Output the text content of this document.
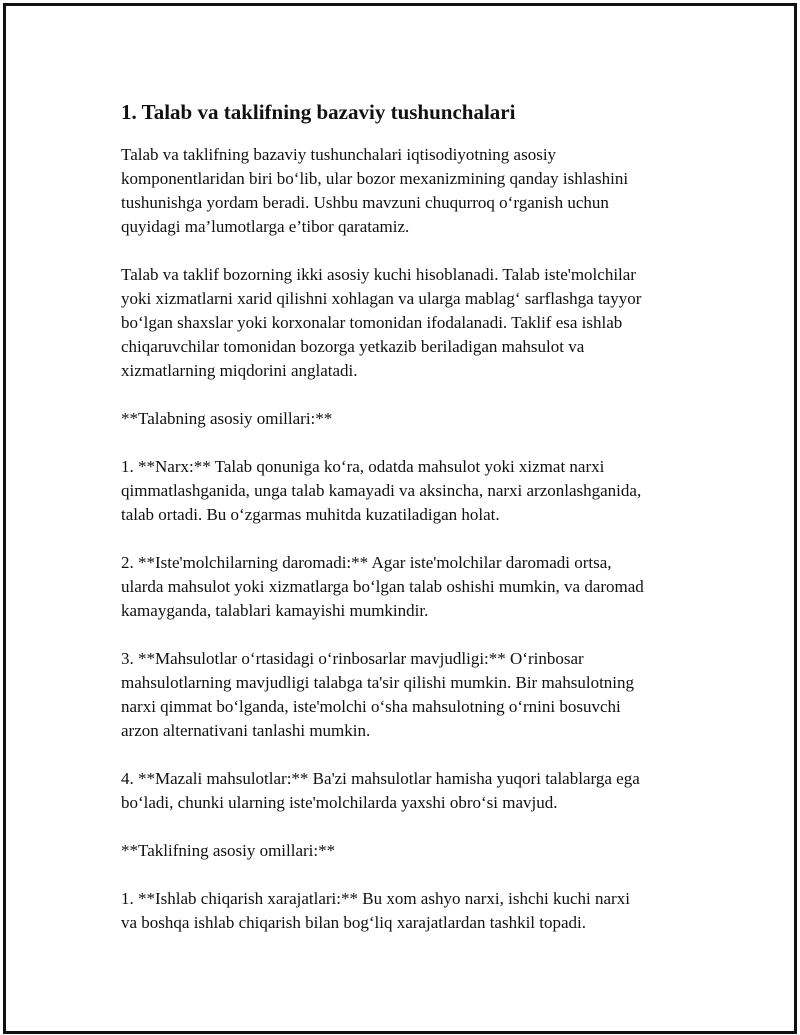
1. Talab va taklifning bazaviy tushunchalari

Talab va taklifning bazaviy tushunchalari iqtisodiyotning asosiy
komponentlaridan biri bo‘lib, ular bozor mexanizmining qanday ishlashini
tushunishga yordam beradi. Ushbu mavzuni chuqurroq o‘rganish uchun
quyidagi ma’lumotlarga e’tibor qaratamiz.

Talab va taklif bozorning ikki asosiy kuchi hisoblanadi. Talab iste'molchilar
yoki xizmatlarni xarid qilishni xohlagan va ularga mablag‘ sarflashga tayyor
bo‘lgan shaxslar yoki korxonalar tomonidan ifodalanadi. Taklif esa ishlab
chiqaruvchilar tomonidan bozorga yetkazib beriladigan mahsulot va
xizmatlarning miqdorini anglatadi.

**Talabning asosiy omillari:**

1. **Narx:** Talab qonuniga ko‘ra, odatda mahsulot yoki xizmat narxi
qimmatlashganida, unga talab kamayadi va aksincha, narxi arzonlashganida,
talab ortadi. Bu o‘zgarmas muhitda kuzatiladigan holat.

2. **Iste'molchilarning daromadi:** Agar iste'molchilar daromadi ortsa,
ularda mahsulot yoki xizmatlarga bo‘lgan talab oshishi mumkin, va daromad
kamayganda, talablari kamayishi mumkindir.

3. **Mahsulotlar o‘rtasidagi o‘rinbosarlar mavjudligi:** O‘rinbosar
mahsulotlarning mavjudligi talabga ta'sir qilishi mumkin. Bir mahsulotning
narxi qimmat bo‘lganda, iste'molchi o‘sha mahsulotning o‘rnini bosuvchi
arzon alternativani tanlashi mumkin.

4. **Mazali mahsulotlar:** Ba'zi mahsulotlar hamisha yuqori talablarga ega
bo‘ladi, chunki ularning iste'molchilarda yaxshi obro‘si mavjud.

**Taklifning asosiy omillari:**

1. **Ishlab chiqarish xarajatlari:** Bu xom ashyo narxi, ishchi kuchi narxi
va boshqa ishlab chiqarish bilan bog‘liq xarajatlardan tashkil topadi.
